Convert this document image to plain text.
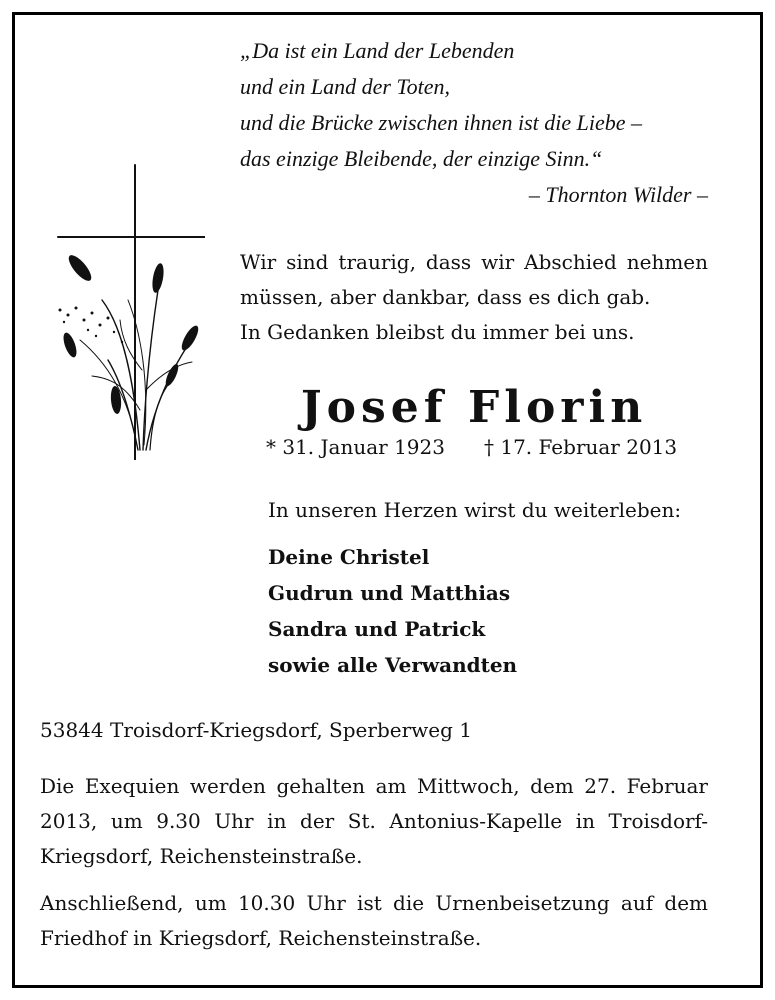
„Da ist ein Land der Lebenden
und ein Land der Toten,
und die Brücke zwischen ihnen ist die Liebe –
das einzige Bleibende, der einzige Sinn.“
– Thornton Wilder –
Wir sind traurig, dass wir Abschied nehmen
müssen, aber dankbar, dass es dich gab.
In Gedanken bleibst du immer bei uns.
Josef Florin
* 31. Januar 1923 † 17. Februar 2013
In unseren Herzen wirst du weiterleben:
Deine Christel
Gudrun und Matthias
Sandra und Patrick
sowie alle Verwandten
53844 Troisdorf-Kriegsdorf, Sperberweg 1
Die Exequien werden gehalten am Mittwoch, dem 27. Februar
2013, um 9.30 Uhr in der St. Antonius-Kapelle in Troisdorf-
Kriegsdorf, Reichensteinstraße.
Anschließend, um 10.30 Uhr ist die Urnenbeisetzung auf dem
Friedhof in Kriegsdorf, Reichensteinstraße.
